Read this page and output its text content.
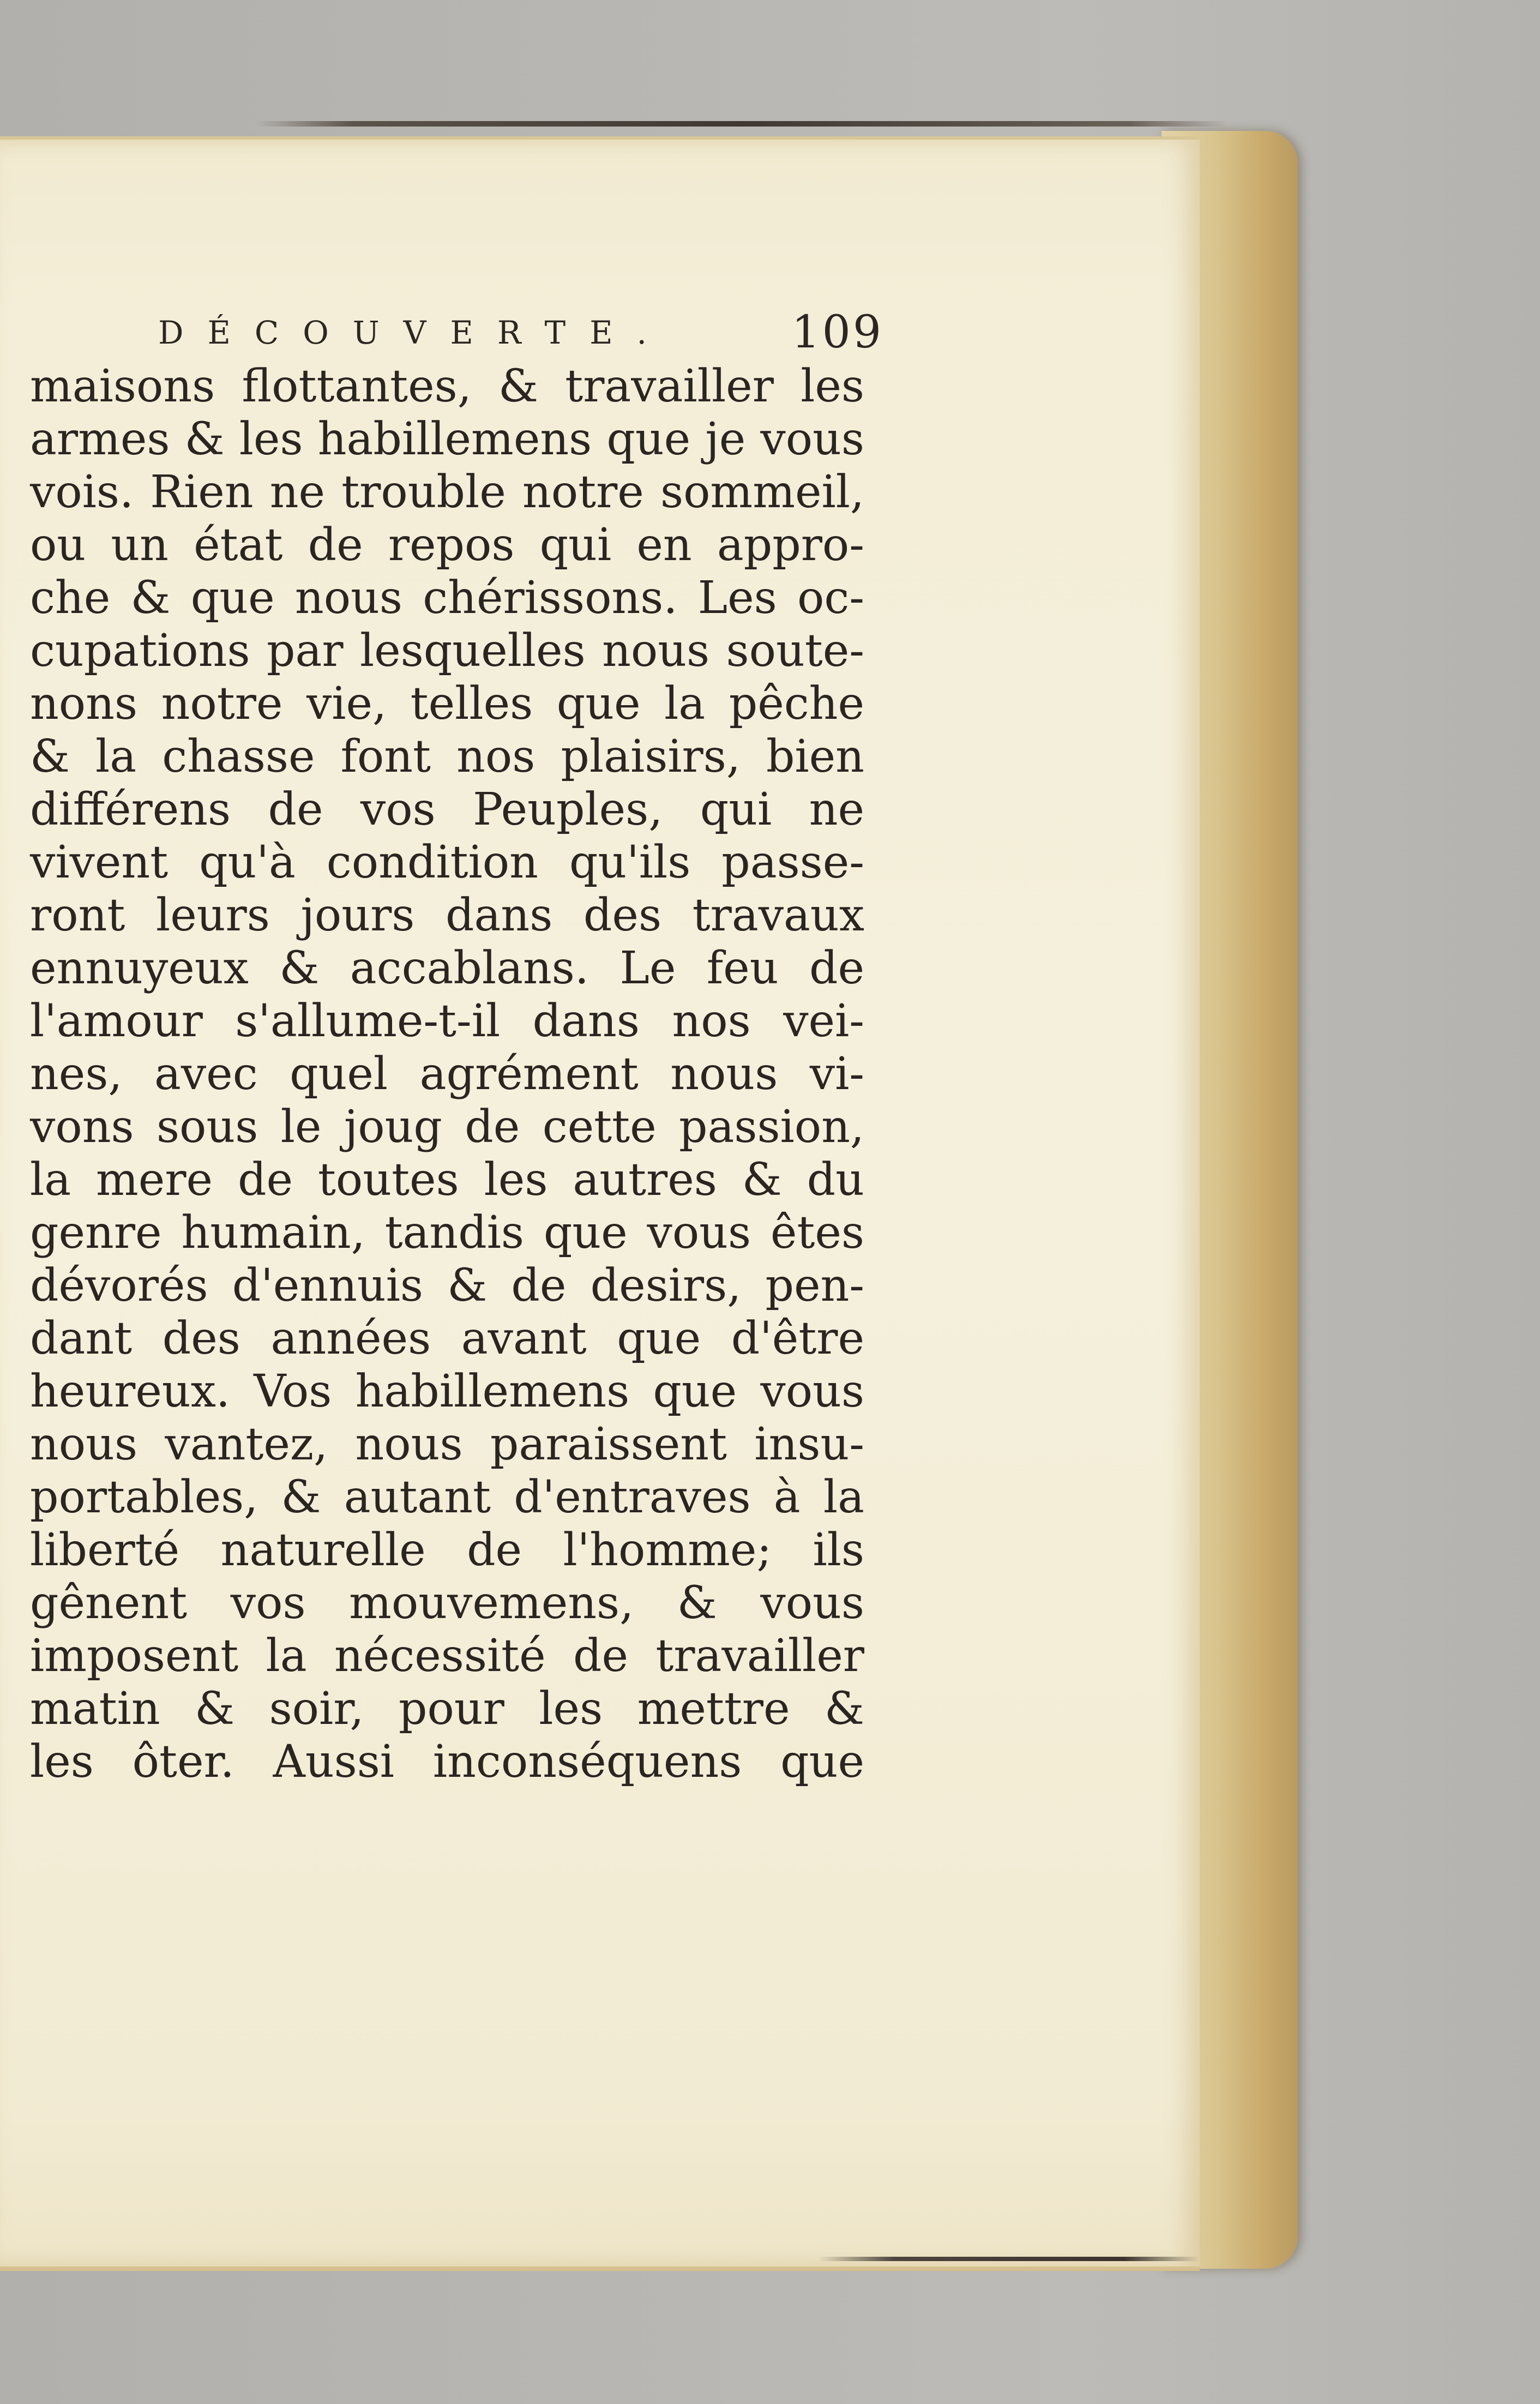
DÉCOUVERTE.	109
maisons flottantes, & travailler les
armes & les habillemens que je vous
vois. Rien ne trouble notre sommeil,
ou un état de repos qui en appro-
che & que nous chérissons. Les oc-
cupations par lesquelles nous soute-
nons notre vie, telles que la pêche
& la chasse font nos plaisirs, bien
différens de vos Peuples, qui ne
vivent qu'à condition qu'ils passe-
ront leurs jours dans des travaux
ennuyeux & accablans. Le feu de
l'amour s'allume-t-il dans nos vei-
nes, avec quel agrément nous vi-
vons sous le joug de cette passion,
la mere de toutes les autres & du
genre humain, tandis que vous êtes
dévorés d'ennuis & de desirs, pen-
dant des années avant que d'être
heureux. Vos habillemens que vous
nous vantez, nous paraissent insu-
portables, & autant d'entraves à la
liberté naturelle de l'homme; ils
gênent vos mouvemens, & vous
imposent la nécessité de travailler
matin & soir, pour les mettre &
les ôter. Aussi inconséquens que
